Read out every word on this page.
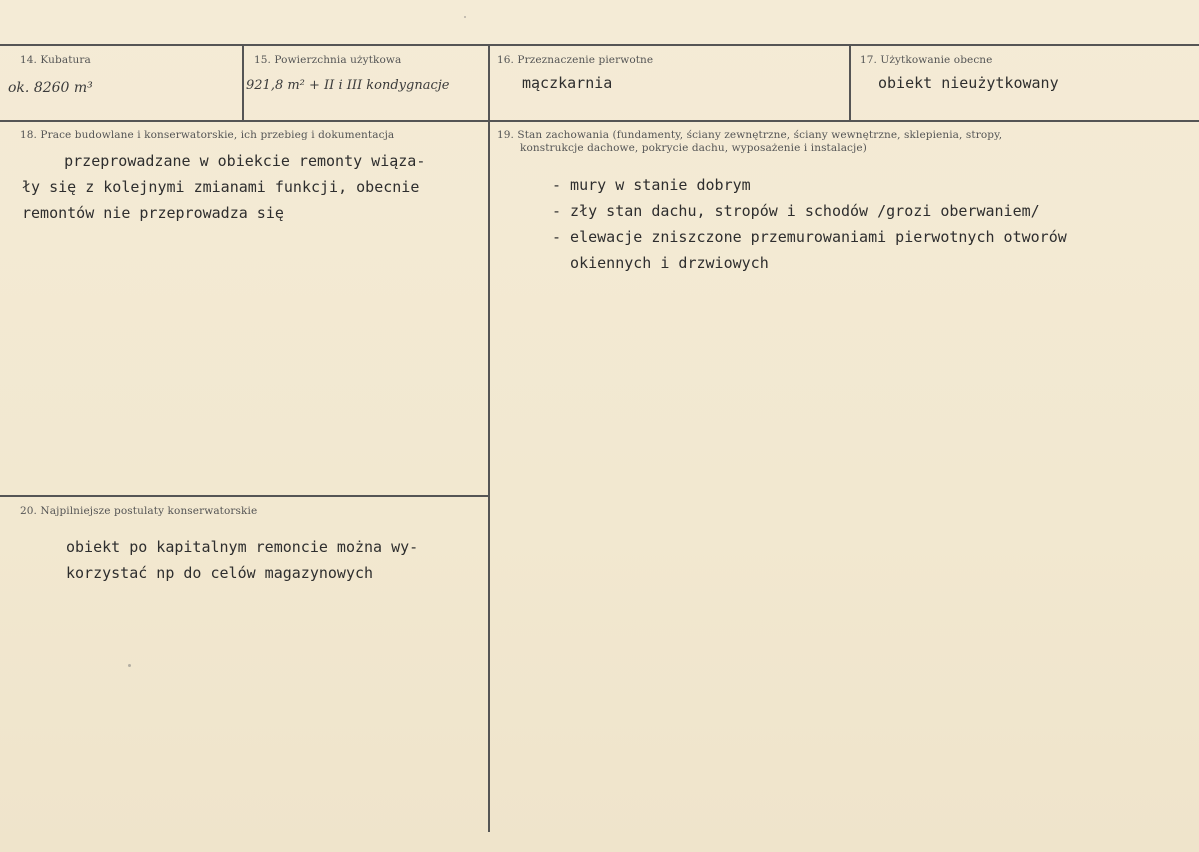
14. Kubatura
ok. 8260 m³
15. Powierzchnia użytkowa
921,8 m² + II i III kondygnacje
16. Przeznaczenie pierwotne
mączkarnia
17. Użytkowanie obecne
obiekt nieużytkowany
18. Prace budowlane i konserwatorskie, ich przebieg i dokumentacja
przeprowadzane w obiekcie remonty wiąza-
ły się z kolejnymi zmianami funkcji, obecnie
remontów nie przeprowadza się
19. Stan zachowania (fundamenty, ściany zewnętrzne, ściany wewnętrzne, sklepienia, stropy,
konstrukcje dachowe, pokrycie dachu, wyposażenie i instalacje)
- mury w stanie dobrym
- zły stan dachu, stropów i schodów /grozi oberwaniem/
- elewacje zniszczone przemurowaniami pierwotnych otworów
okiennych i drzwiowych
20. Najpilniejsze postulaty konserwatorskie
obiekt po kapitalnym remoncie można wy-
korzystać np do celów magazynowych
